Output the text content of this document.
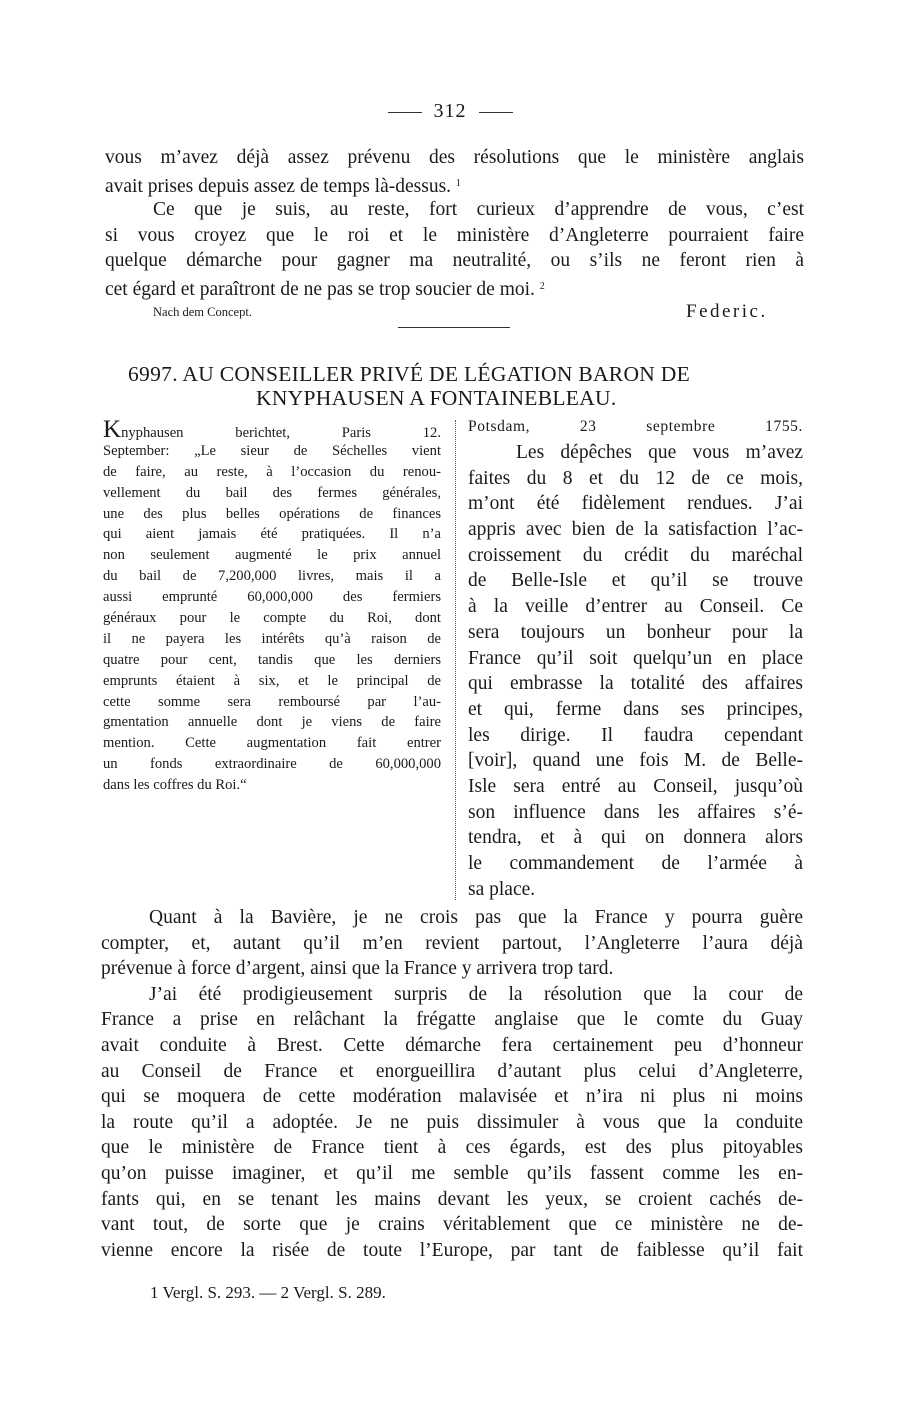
312
vous m’avez déjà assez prévenu des résolutions que le ministère anglais
avait prises depuis assez de temps là-dessus. $^1$
Ce que je suis, au reste, fort curieux d’apprendre de vous, c’est
si vous croyez que le roi et le ministère d’Angleterre pourraient faire
quelque démarche pour gagner ma neutralité, ou s’ils ne feront rien à
cet égard et paraîtront de ne pas se trop soucier de moi. $^2$
Nach dem Concept.	Federic.
6997. AU CONSEILLER PRIVÉ DE LÉGATION BARON DE
KNYPHAUSEN A FONTAINEBLEAU.
Knyphausen berichtet, Paris 12.
September: „Le sieur de Séchelles vient
de faire, au reste, à l’occasion du renou-
vellement du bail des fermes générales,
une des plus belles opérations de finances
qui aient jamais été pratiquées. Il n’a
non seulement augmenté le prix annuel
du bail de 7,200,000 livres, mais il a
aussi emprunté 60,000,000 des fermiers
généraux pour le compte du Roi, dont
il ne payera les intérêts qu’à raison de
quatre pour cent, tandis que les derniers
emprunts étaient à six, et le principal de
cette somme sera remboursé par l’au-
gmentation annuelle dont je viens de faire
mention. Cette augmentation fait entrer
un fonds extraordinaire de 60,000,000
dans les coffres du Roi.“
Potsdam, 23 septembre 1755.
Les dépêches que vous m’avez
faites du 8 et du 12 de ce mois,
m’ont été fidèlement rendues. J’ai
appris avec bien de la satisfaction l’ac-
croissement du crédit du maréchal
de Belle-Isle et qu’il se trouve
à la veille d’entrer au Conseil. Ce
sera toujours un bonheur pour la
France qu’il soit quelqu’un en place
qui embrasse la totalité des affaires
et qui, ferme dans ses principes,
les dirige. Il faudra cependant
[voir], quand une fois M. de Belle-
Isle sera entré au Conseil, jusqu’où
son influence dans les affaires s’é-
tendra, et à qui on donnera alors
le commandement de l’armée à
sa place.
Quant à la Bavière, je ne crois pas que la France y pourra guère
compter, et, autant qu’il m’en revient partout, l’Angleterre l’aura déjà
prévenue à force d’argent, ainsi que la France y arrivera trop tard.
J’ai été prodigieusement surpris de la résolution que la cour de
France a prise en relâchant la frégatte anglaise que le comte du Guay
avait conduite à Brest. Cette démarche fera certainement peu d’honneur
au Conseil de France et enorgueillira d’autant plus celui d’Angleterre,
qui se moquera de cette modération malavisée et n’ira ni plus ni moins
la route qu’il a adoptée. Je ne puis dissimuler à vous que la conduite
que le ministère de France tient à ces égards, est des plus pitoyables
qu’on puisse imaginer, et qu’il me semble qu’ils fassent comme les en-
fants qui, en se tenant les mains devant les yeux, se croient cachés de-
vant tout, de sorte que je crains véritablement que ce ministère ne de-
vienne encore la risée de toute l’Europe, par tant de faiblesse qu’il fait
1 Vergl. S. 293. — 2 Vergl. S. 289.
